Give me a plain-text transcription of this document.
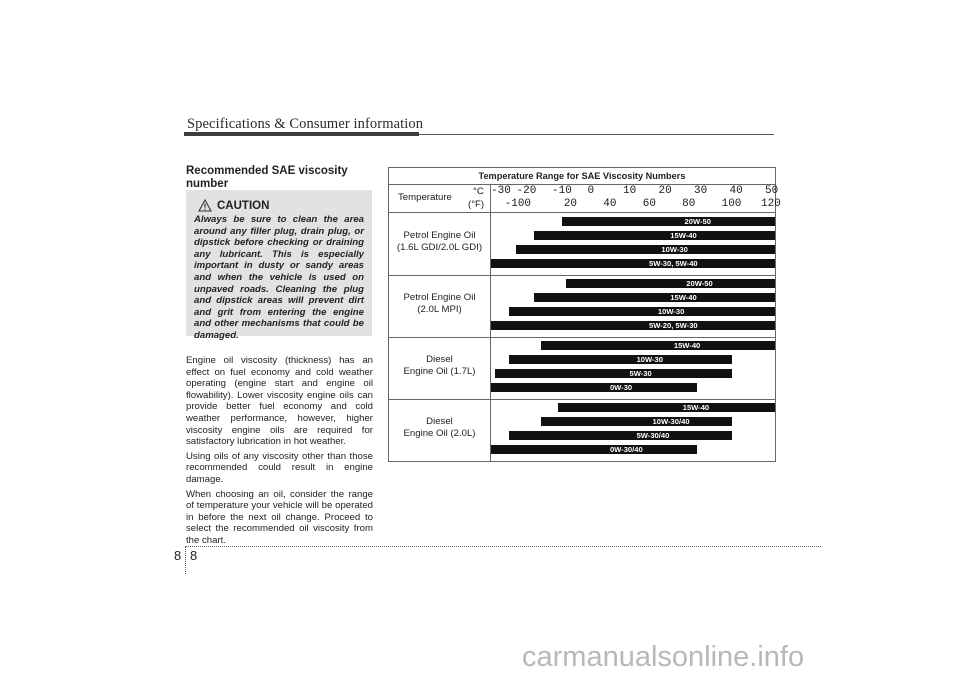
Specifications & Consumer information
Recommended SAE viscosity number
CAUTION
Always be sure to clean the area around any filler plug, drain plug, or dipstick before checking or draining any lubricant. This is especially important in dusty or sandy areas and when the vehicle is used on unpaved roads. Cleaning the plug and dipstick areas will prevent dirt and grit from entering the engine and other mechanisms that could be damaged.

Engine oil viscosity (thickness) has an effect on fuel economy and cold weather operating (engine start and engine oil flowability). Lower viscosity engine oils can provide better fuel economy and cold weather performance, however, higher viscosity engine oils are required for satisfactory lubrication in hot weather.

Using oils of any viscosity other than those recommended could result in engine damage.

When choosing an oil, consider the range of temperature your vehicle will be operated in before the next oil change. Proceed to select the recommended oil viscosity from the chart.

Temperature Range for SAE Viscosity Numbers
Temperature
°C
(°F)
-30 -20 -10 0	10 20 30 40 50
-10 0	20 40 60 80 100 120
Petrol Engine Oil
(1.6L GDI/2.0L GDI)
20W-50
15W-40
10W-30
5W-30, 5W-40
Petrol Engine Oil
(2.0L MPI)
20W-50
15W-40
10W-30
5W-20, 5W-30
Diesel
Engine Oil (1.7L)
15W-40
10W-30
5W-30
0W-30
Diesel
Engine Oil (2.0L)
15W-40
10W-30/40
5W-30/40
0W-30/40
8 8
carmanualsonline.info
